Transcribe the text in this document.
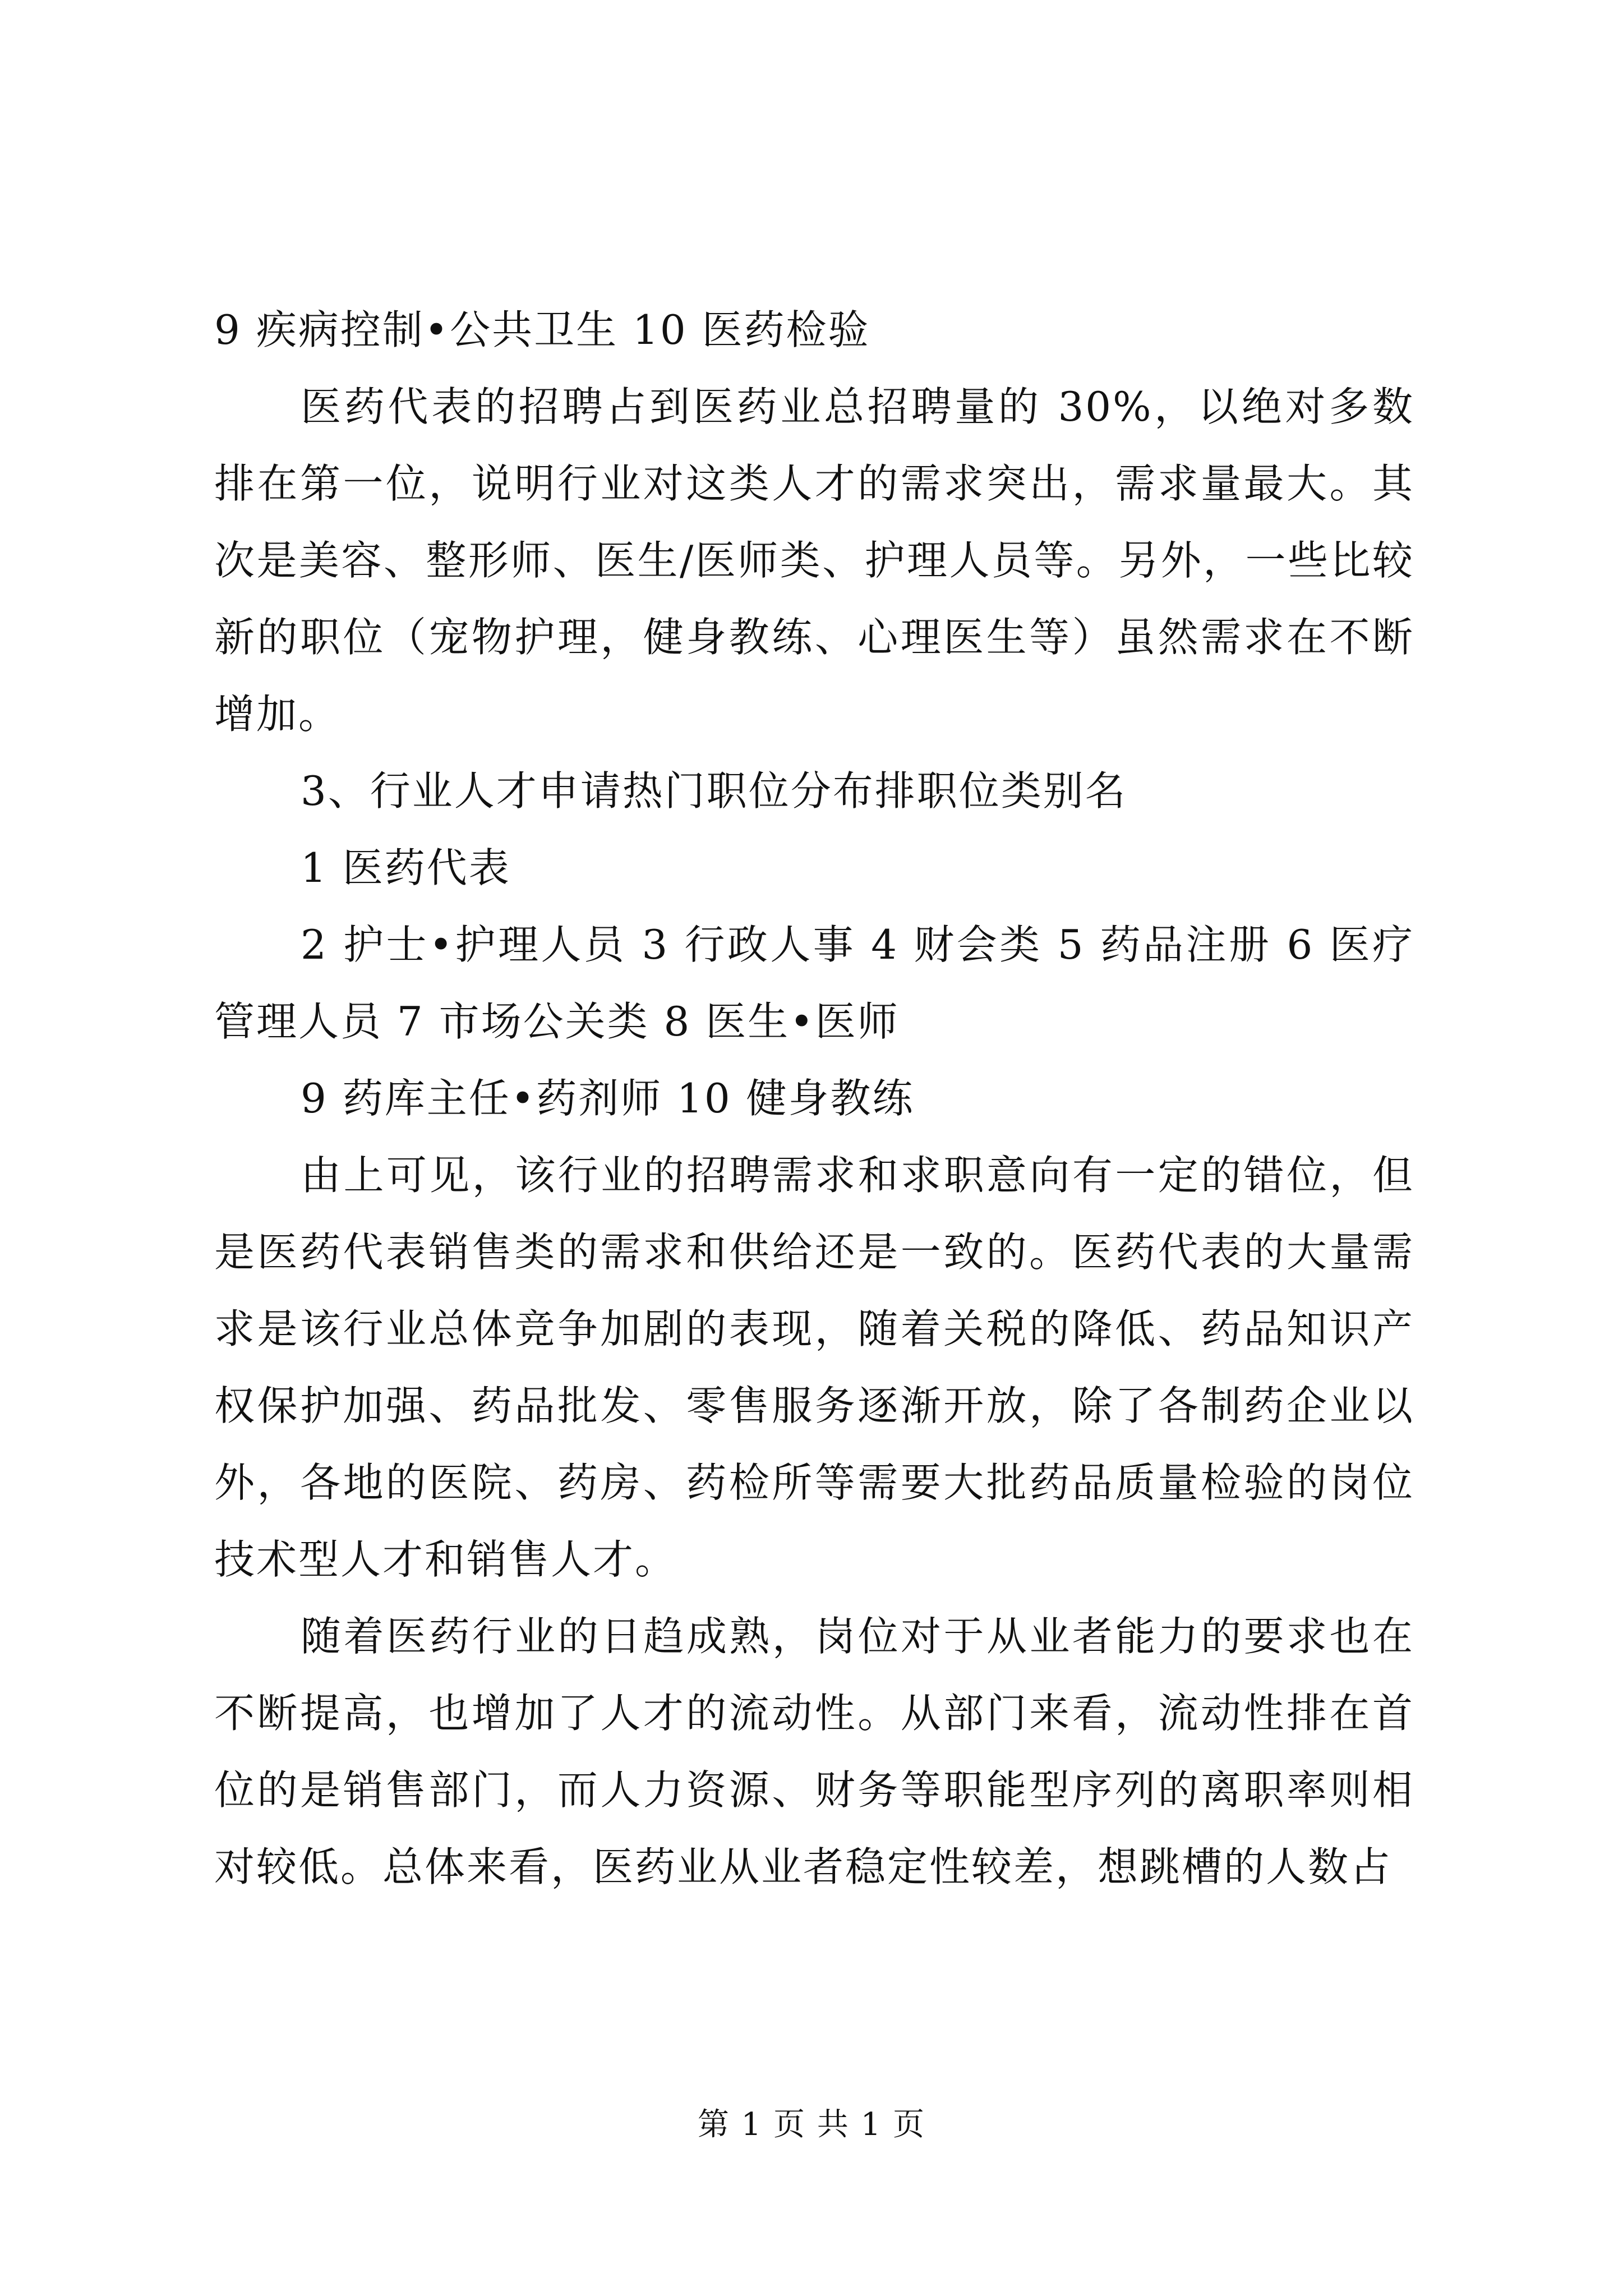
9 疾病控制•公共卫生 10 医药检验
医药代表的招聘占到医药业总招聘量的 30%，以绝对多数排在第一位，说明行业对这类人才的需求突出，需求量最大。其次是美容、整形师、医生/医师类、护理人员等。另外，一些比较新的职位（宠物护理，健身教练、心理医生等）虽然需求在不断增加。
3、行业人才申请热门职位分布排职位类别名
1 医药代表
2 护士•护理人员 3 行政人事 4 财会类 5 药品注册 6 医疗管理人员 7 市场公关类 8 医生•医师
9 药库主任•药剂师 10 健身教练
由上可见，该行业的招聘需求和求职意向有一定的错位，但是医药代表销售类的需求和供给还是一致的。医药代表的大量需求是该行业总体竞争加剧的表现，随着关税的降低、药品知识产权保护加强、药品批发、零售服务逐渐开放，除了各制药企业以外，各地的医院、药房、药检所等需要大批药品质量检验的岗位技术型人才和销售人才。
随着医药行业的日趋成熟，岗位对于从业者能力的要求也在不断提高，也增加了人才的流动性。从部门来看，流动性排在首位的是销售部门，而人力资源、财务等职能型序列的离职率则相对较低。总体来看，医药业从业者稳定性较差，想跳槽的人数占
第 1 页 共 1 页
